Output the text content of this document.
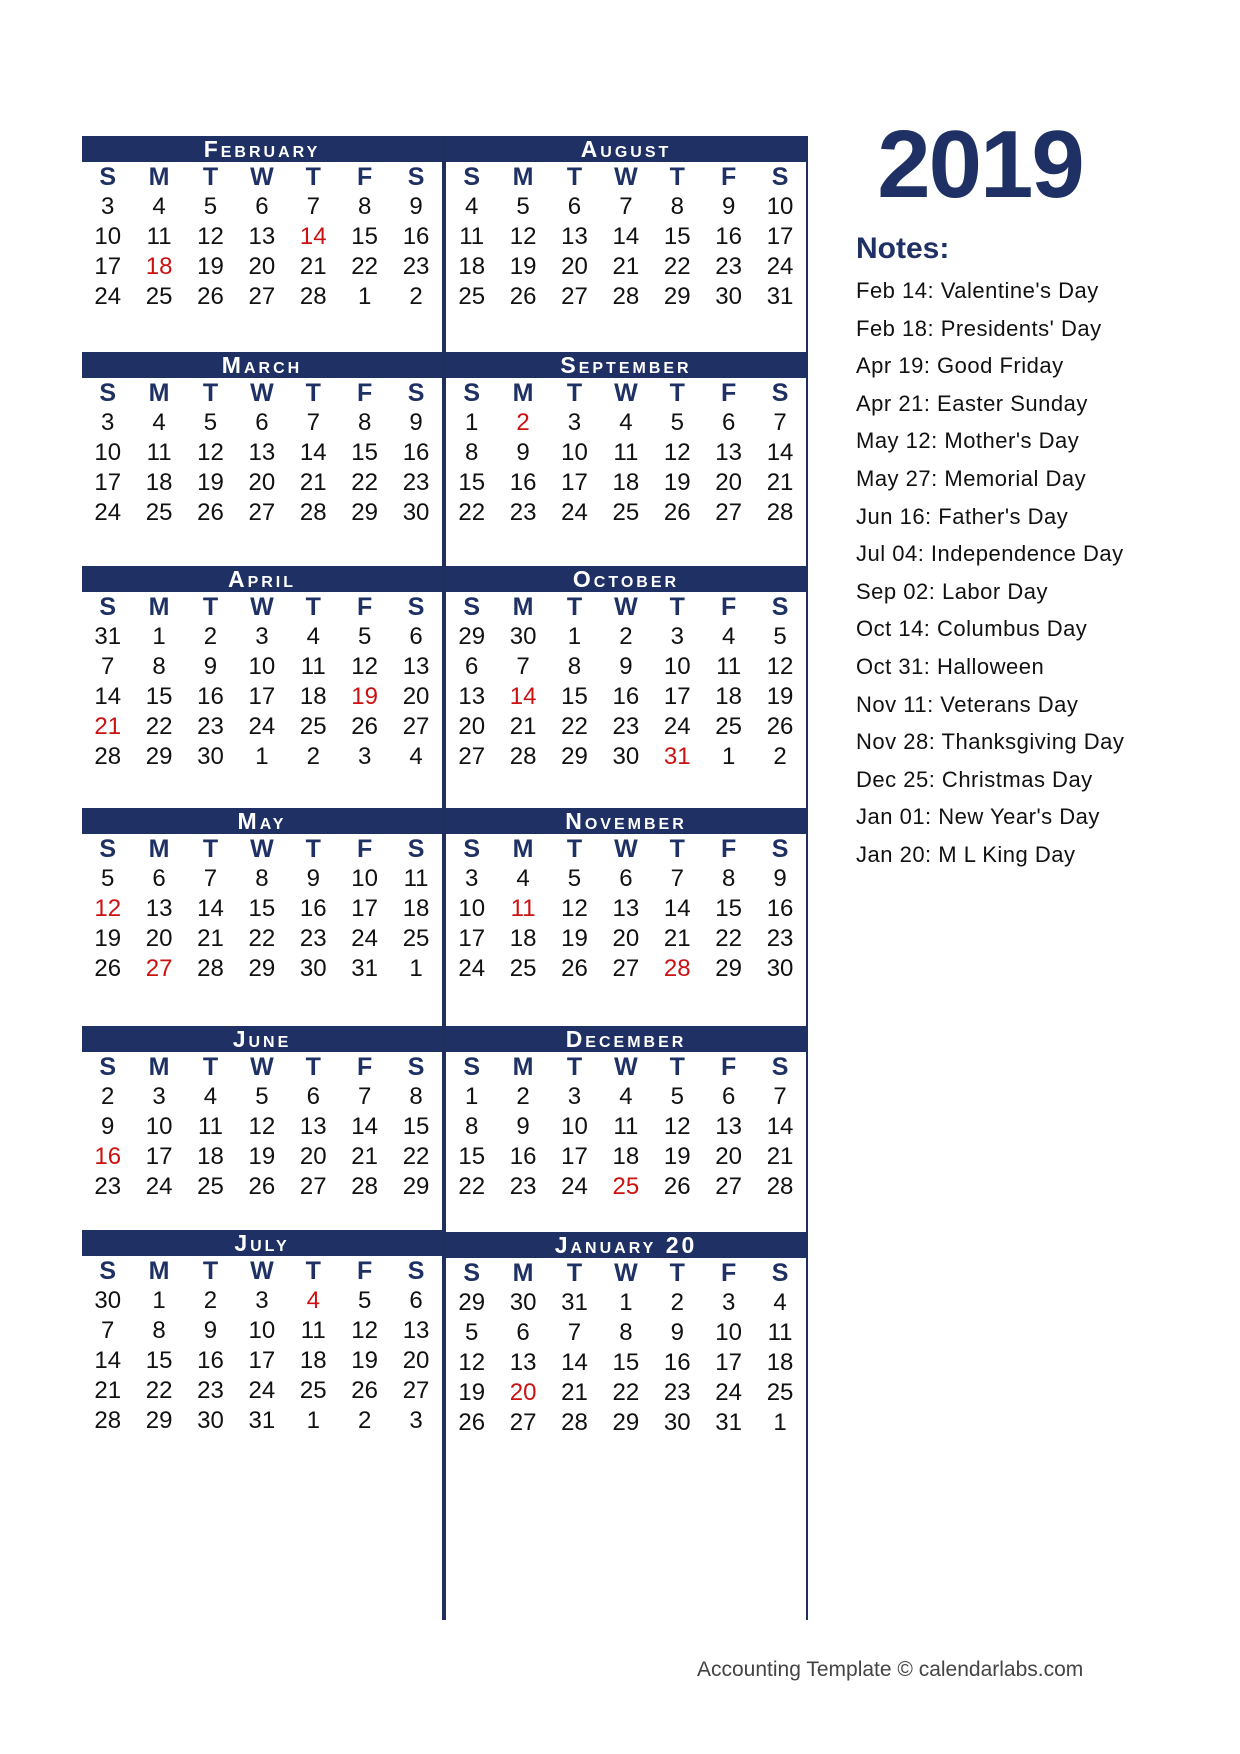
February
S	M	T	W	T	F	S
3	4	5	6	7	8	9
10	11	12	13	14	15	16
17	18	19	20	21	22	23
24	25	26	27	28	1	2
March
S	M	T	W	T	F	S
3	4	5	6	7	8	9
10	11	12	13	14	15	16
17	18	19	20	21	22	23
24	25	26	27	28	29	30
April
S	M	T	W	T	F	S
31	1	2	3	4	5	6
7	8	9	10	11	12	13
14	15	16	17	18	19	20
21	22	23	24	25	26	27
28	29	30	1	2	3	4
May
S	M	T	W	T	F	S
5	6	7	8	9	10	11
12	13	14	15	16	17	18
19	20	21	22	23	24	25
26	27	28	29	30	31	1
June
S	M	T	W	T	F	S
2	3	4	5	6	7	8
9	10	11	12	13	14	15
16	17	18	19	20	21	22
23	24	25	26	27	28	29
July
S	M	T	W	T	F	S
30	1	2	3	4	5	6
7	8	9	10	11	12	13
14	15	16	17	18	19	20
21	22	23	24	25	26	27
28	29	30	31	1	2	3
August
S	M	T	W	T	F	S
4	5	6	7	8	9	10
11	12	13	14	15	16	17
18	19	20	21	22	23	24
25	26	27	28	29	30	31
September
S	M	T	W	T	F	S
1	2	3	4	5	6	7
8	9	10	11	12	13	14
15	16	17	18	19	20	21
22	23	24	25	26	27	28
October
S	M	T	W	T	F	S
29	30	1	2	3	4	5
6	7	8	9	10	11	12
13	14	15	16	17	18	19
20	21	22	23	24	25	26
27	28	29	30	31	1	2
November
S	M	T	W	T	F	S
3	4	5	6	7	8	9
10	11	12	13	14	15	16
17	18	19	20	21	22	23
24	25	26	27	28	29	30
December
S	M	T	W	T	F	S
1	2	3	4	5	6	7
8	9	10	11	12	13	14
15	16	17	18	19	20	21
22	23	24	25	26	27	28
January 20
S	M	T	W	T	F	S
29	30	31	1	2	3	4
5	6	7	8	9	10	11
12	13	14	15	16	17	18
19	20	21	22	23	24	25
26	27	28	29	30	31	1
2019
Notes:
Feb 14: Valentine's Day
Feb 18: Presidents' Day
Apr 19: Good Friday
Apr 21: Easter Sunday
May 12: Mother's Day
May 27: Memorial Day
Jun 16: Father's Day
Jul 04: Independence Day
Sep 02: Labor Day
Oct 14: Columbus Day
Oct 31: Halloween
Nov 11: Veterans Day
Nov 28: Thanksgiving Day
Dec 25: Christmas Day
Jan 01: New Year's Day
Jan 20: M L King Day
Accounting Template © calendarlabs.com
